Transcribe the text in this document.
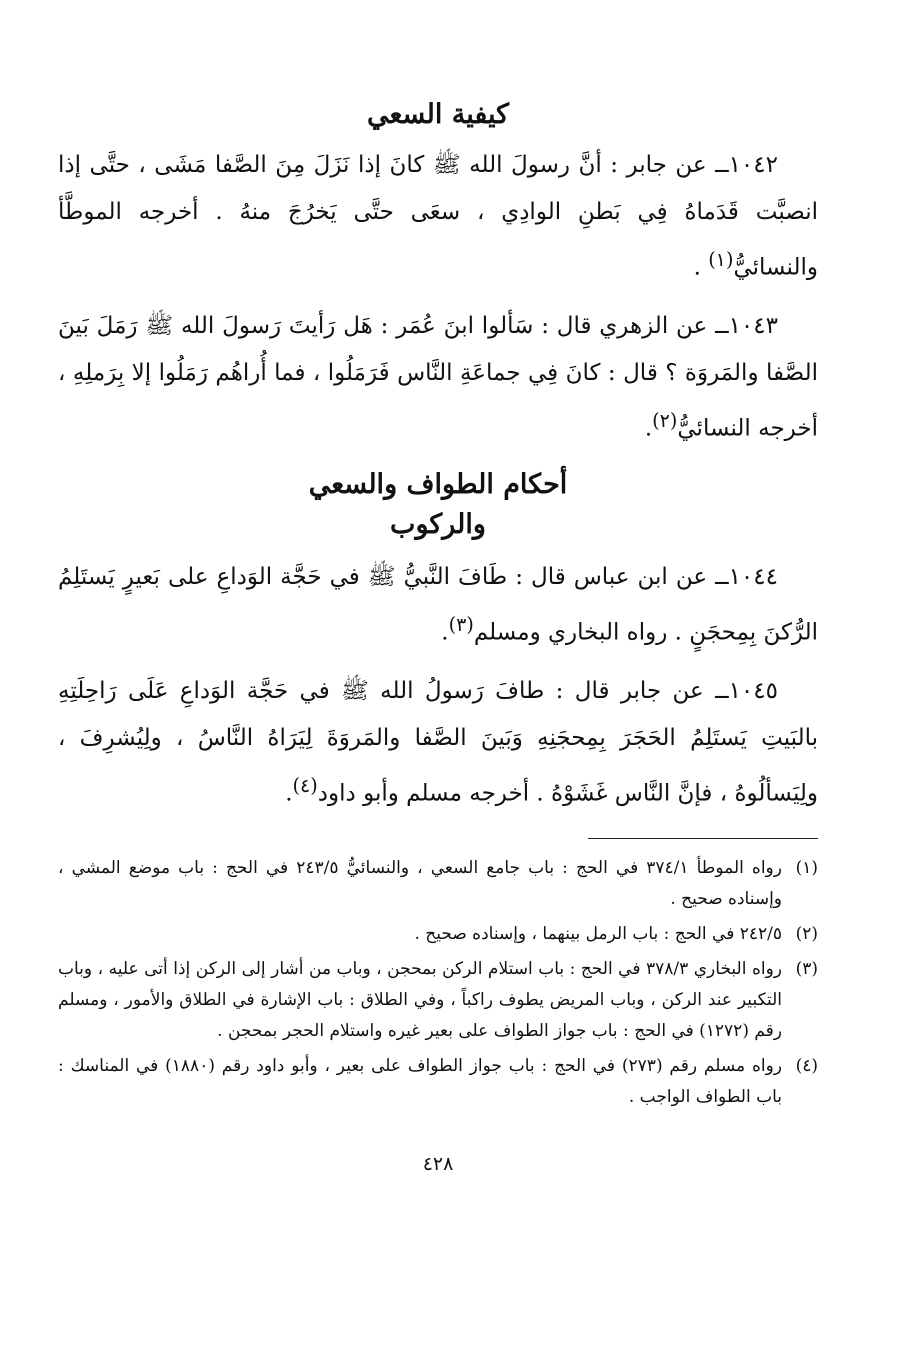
كيفية السعي

١٠٤٢ــ عن جابر : أنَّ رسولَ الله ﷺ كانَ إذا نَزَلَ مِنَ الصَّفا مَشَى ، حتَّى إذا انصبَّت قَدَماهُ فِي بَطنِ الوادِي ، سعَى حتَّى يَخرُجَ منهُ . أخرجه الموطَّأ والنسائيُّ$^{(١)}$ .

١٠٤٣ــ عن الزهري قال : سَألوا ابنَ عُمَر : هَل رَأيتَ رَسولَ الله ﷺ رَمَلَ بَينَ الصَّفا والمَروَة ؟ قال : كانَ فِي جماعَةِ النَّاس فَرَمَلُوا ، فما أُراهُم رَمَلُوا إلا بِرَملِهِ ، أخرجه النسائيُّ$^{(٢)}$.

أحكام الطواف والسعي
والركوب

١٠٤٤ــ عن ابن عباس قال : طَافَ النَّبيُّ ﷺ في حَجَّة الوَداعِ على بَعيرٍ يَستَلِمُ الرُّكنَ بِمِحجَنٍ . رواه البخاري ومسلم$^{(٣)}$.

١٠٤٥ــ عن جابر قال : طافَ رَسولُ الله ﷺ في حَجَّة الوَداعِ عَلَى رَاحِلَتِهِ بالبَيتِ يَستَلِمُ الحَجَرَ بِمِحجَنِهِ وَبَينَ الصَّفا والمَروَةَ لِيَرَاهُ النَّاسُ ، ولِيُشرِفَ ، ولِيَسألُوهُ ، فإنَّ النَّاس غَشَوْهُ . أخرجه مسلم وأبو داود$^{(٤)}$.

(١)
رواه الموطأ ٣٧٤/١ في الحج : باب جامع السعي ، والنسائيُّ ٢٤٣/٥ في الحج : باب موضع المشي ، وإسناده صحيح .
(٢)
٢٤٢/٥ في الحج : باب الرمل بينهما ، وإسناده صحيح .
(٣)
رواه البخاري ٣٧٨/٣ في الحج : باب استلام الركن بمحجن ، وباب من أشار إلى الركن إذا أتى عليه ، وباب التكبير عند الركن ، وباب المريض يطوف راكباً ، وفي الطلاق : باب الإشارة في الطلاق والأمور ، ومسلم رقم (١٢٧٢) في الحج : باب جواز الطواف على بعير غيره واستلام الحجر بمحجن .
(٤)
رواه مسلم رقم (٢٧٣) في الحج : باب جواز الطواف على بعير ، وأبو داود رقم (١٨٨٠) في المناسك : باب الطواف الواجب .
٤٢٨
